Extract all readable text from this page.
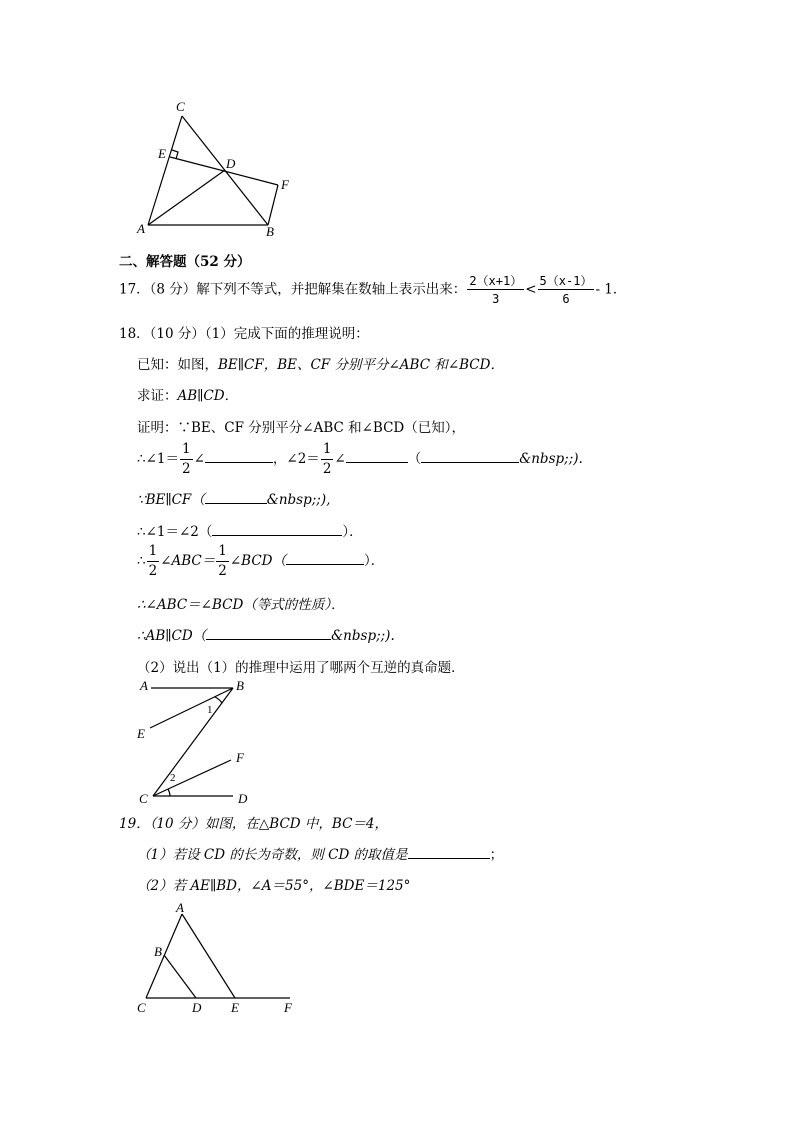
C
E
D
F
A	B
二、解答题（52 分）
17．（8 分）解下列不等式，并把解集在数轴上表示出来： $\frac{2(x+1)}{3} < \frac{5(x-1)}{6} - 1$．
18．（10 分）（1）完成下面的推理说明：
已知：如图，BE∥CF，BE、CF 分别平分∠ABC 和∠BCD．
求证：AB∥CD．
证明：∵BE、CF 分别平分∠ABC 和∠BCD（已知），
∴∠1＝ $\frac{1}{2}$ ∠	，∠2＝ $\frac{1}{2}$ ∠	（	&nbsp;;).
∵BE∥CF（	&nbsp;;),
∴∠1＝∠2（	）．
∴ $\frac{1}{2}$ ∠ABC＝ $\frac{1}{2}$ ∠BCD（	）．
∴∠ABC＝∠BCD（等式的性质）．
∴AB∥CD（	&nbsp;;).
（2）说出（1）的推理中运用了哪两个互逆的真命题．
A	B
E
F
C	D
1
2
19．（10 分）如图，在△BCD 中，BC＝4，
（1）若设 CD 的长为奇数，则 CD 的取值是	；
（2）若 AE∥BD，∠A＝55°，∠BDE＝125°
A
B
C	D E	F
